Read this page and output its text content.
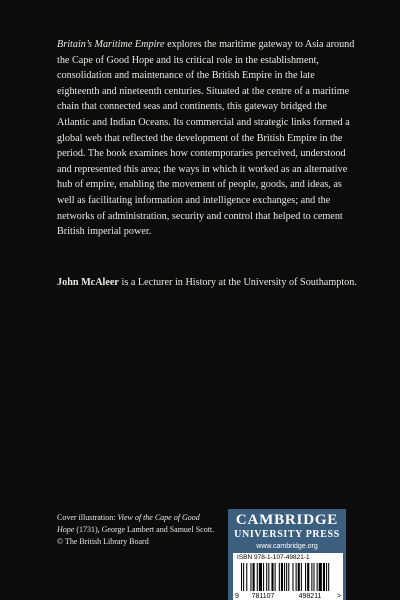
Britain’s Maritime Empire explores the maritime gateway to Asia around the Cape of Good Hope and its critical role in the establishment, consolidation and maintenance of the British Empire in the late eighteenth and nineteenth centuries. Situated at the centre of a maritime chain that connected seas and continents, this gateway bridged the Atlantic and Indian Oceans. Its commercial and strategic links formed a global web that reflected the development of the British Empire in the period. The book examines how contemporaries perceived, understood and represented this area; the ways in which it worked as an alternative hub of empire, enabling the movement of people, goods, and ideas, as well as facilitating information and intelligence exchanges; and the networks of administration, security and control that helped to cement British imperial power.

John McAleer is a Lecturer in History at the University of Southampton.

Cover illustration: View of the Cape of Good Hope (1731), George Lambert and Samuel Scott.
© The British Library Board

CAMBRIDGE
UNIVERSITY PRESS
www.cambridge.org
ISBN 978-1-107-49821-1
9 781107	498211 >
